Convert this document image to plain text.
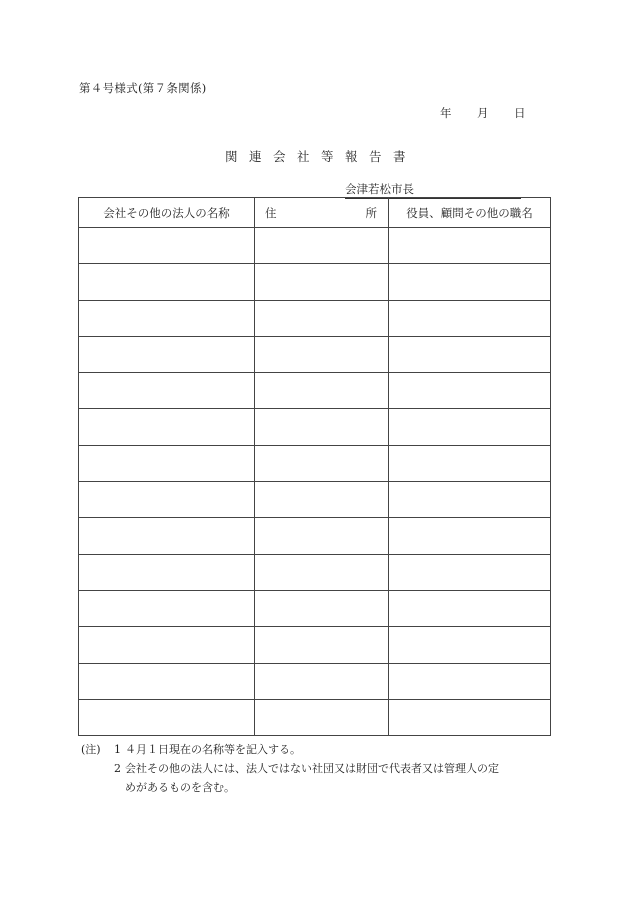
第４号様式(第７条関係)
年 月 日
関連会社等報告書
会津若松市長
会社その他の法人の名称	住 所	役員、顧問その他の職名

(注)	1 ４月１日現在の名称等を記入する。
2 会社その他の法人には、法人ではない社団又は財団で代表者又は管理人の定
めがあるものを含む。
